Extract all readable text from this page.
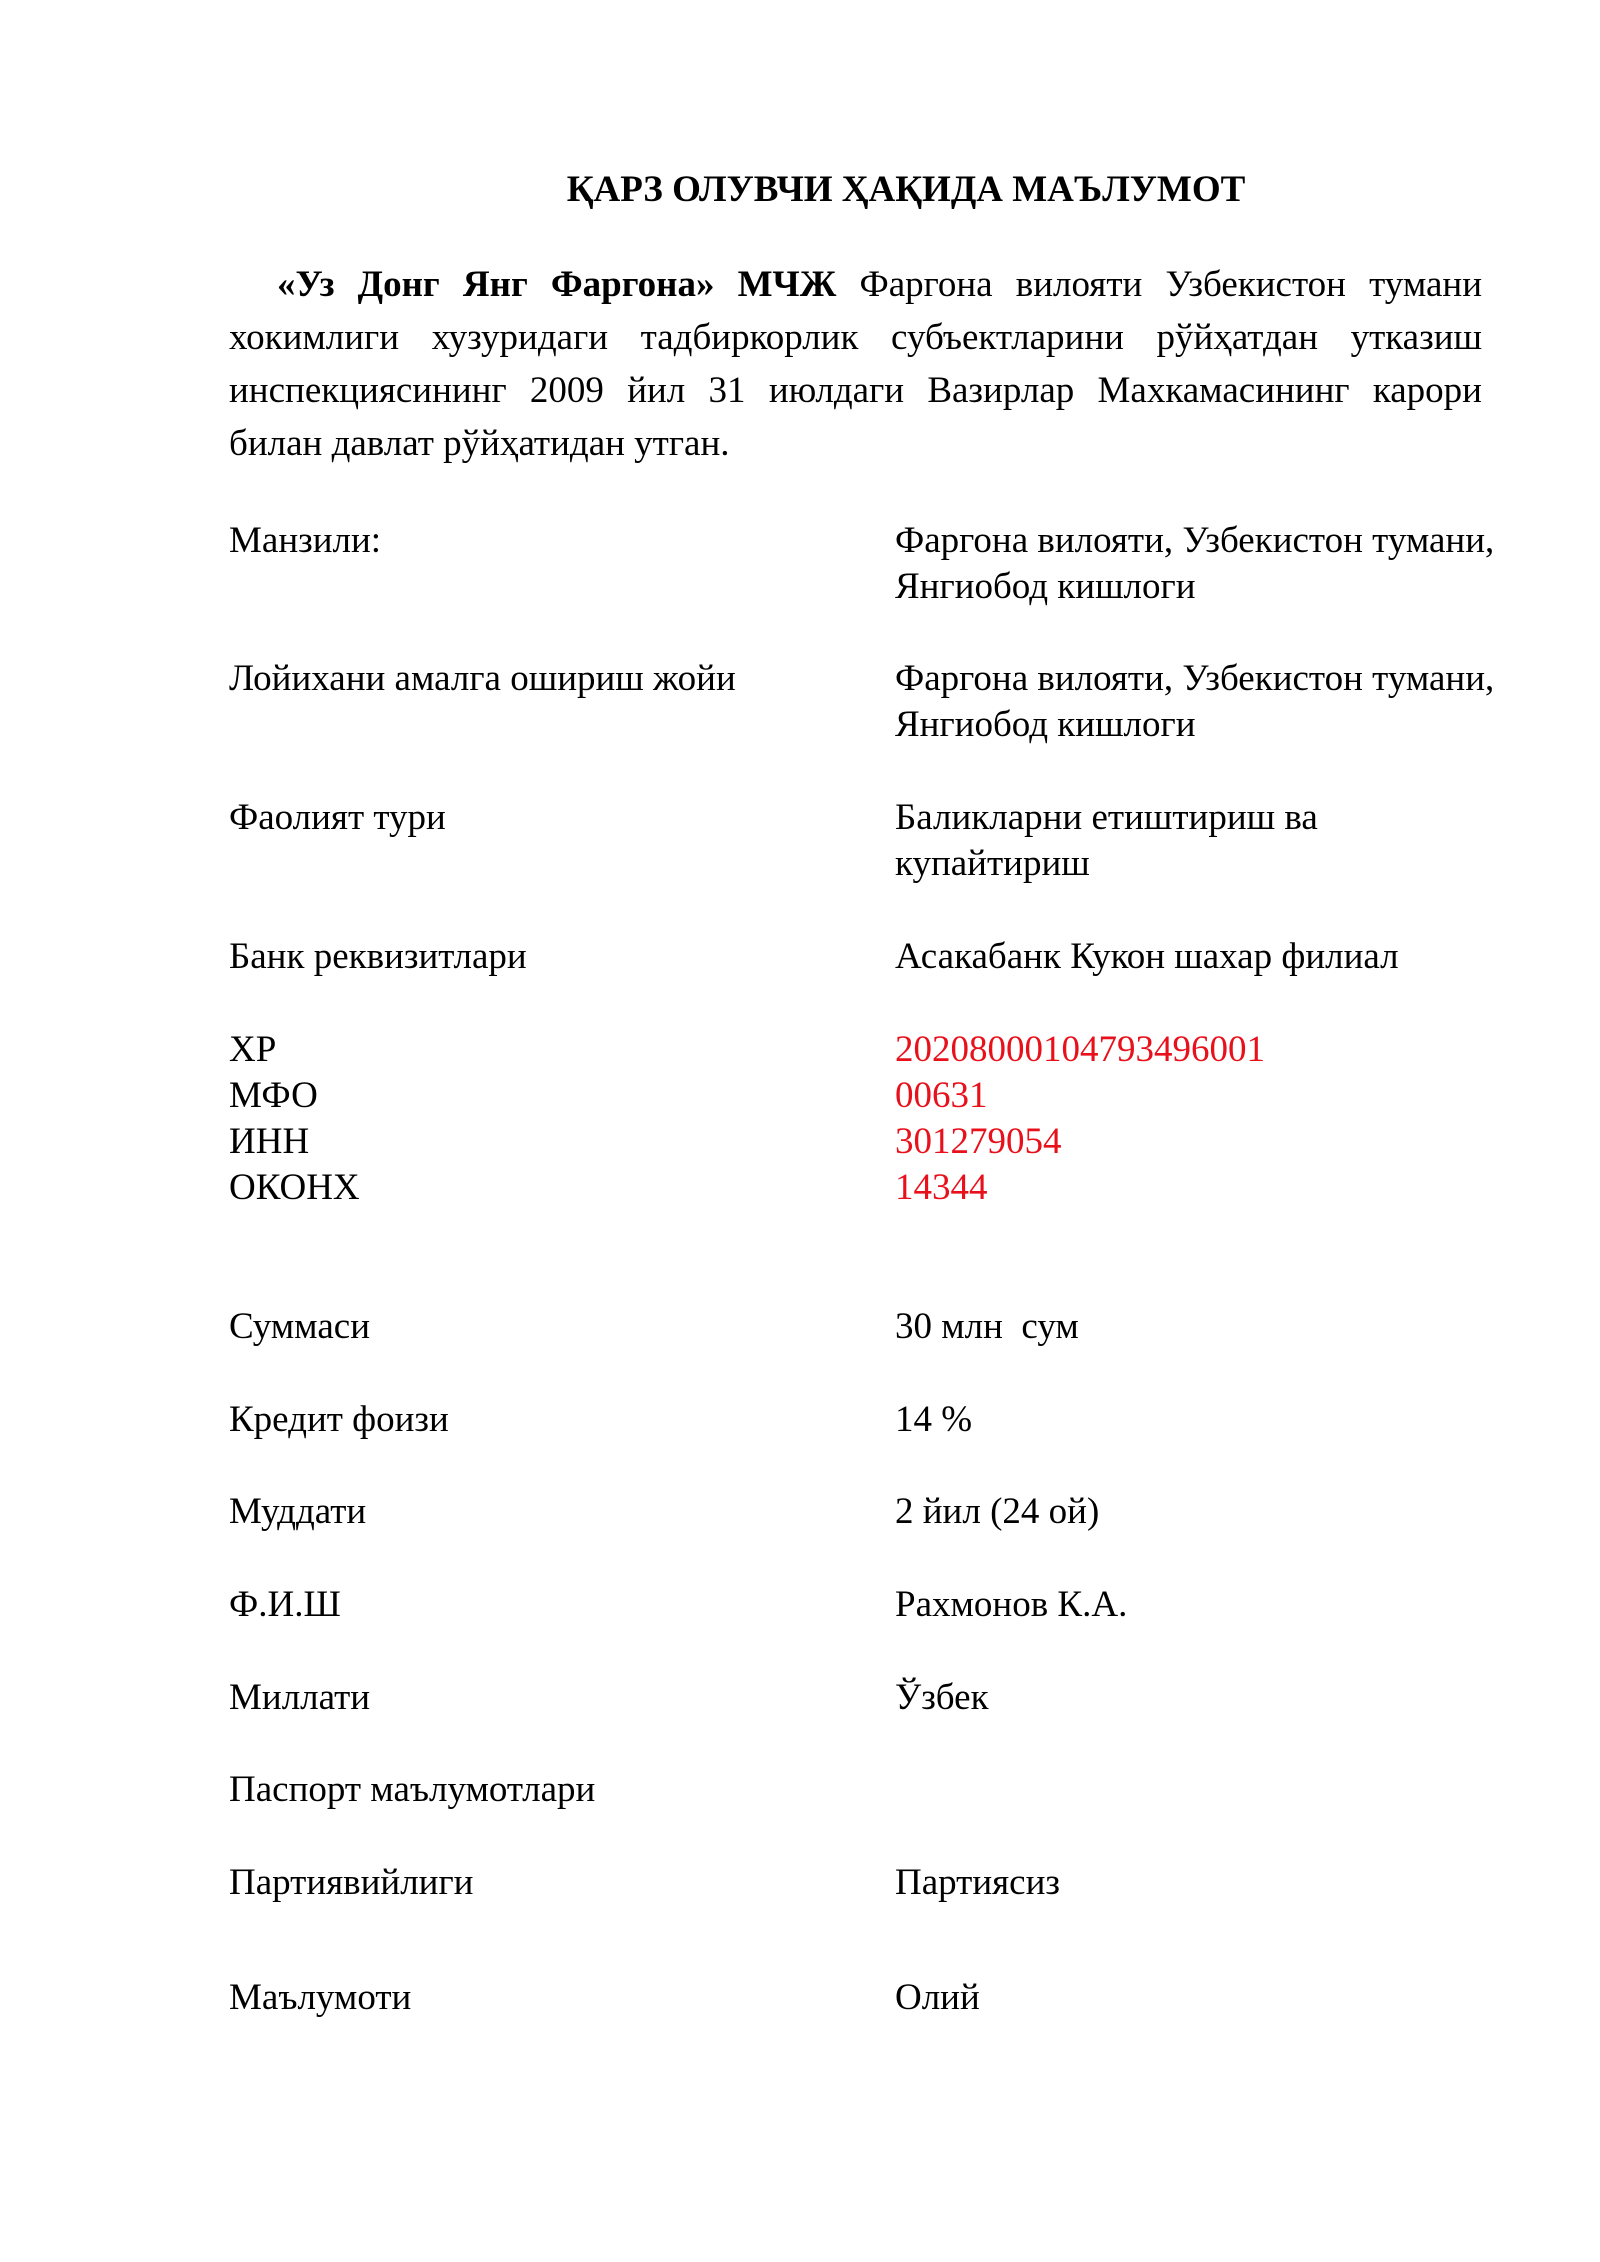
ҚАРЗ ОЛУВЧИ ҲАҚИДА МАЪЛУМОТ
«Уз Донг Янг Фаргона» МЧЖ Фаргона вилояти Узбекистон тумани хокимлиги хузуридаги тадбиркорлик субъектларини рўйҳатдан утказиш инспекциясининг 2009 йил 31 июлдаги Вазирлар Махкамасининг карори билан давлат рўйҳатидан утган.
Манзили:	Фаргона вилояти, Узбекистон тумани, Янгиобод кишлоги
Лойихани амалга ошириш жойи	Фаргона вилояти, Узбекистон тумани, Янгиобод кишлоги
Фаолият тури	Баликларни етиштириш ва купайтириш
Банк реквизитлари	Асакабанк Кукон шахар филиал
ХР	20208000104793496001
МФО	00631
ИНН	301279054
ОКОНХ	14344
Суммаси	30 млн  сум
Кредит фоизи	14 %
Муддати	2 йил (24 ой)
Ф.И.Ш	Рахмонов К.А.
Миллати	Ўзбек
Паспорт маълумотлари
Партиявийлиги	Партиясиз
Маълумоти	Олий
